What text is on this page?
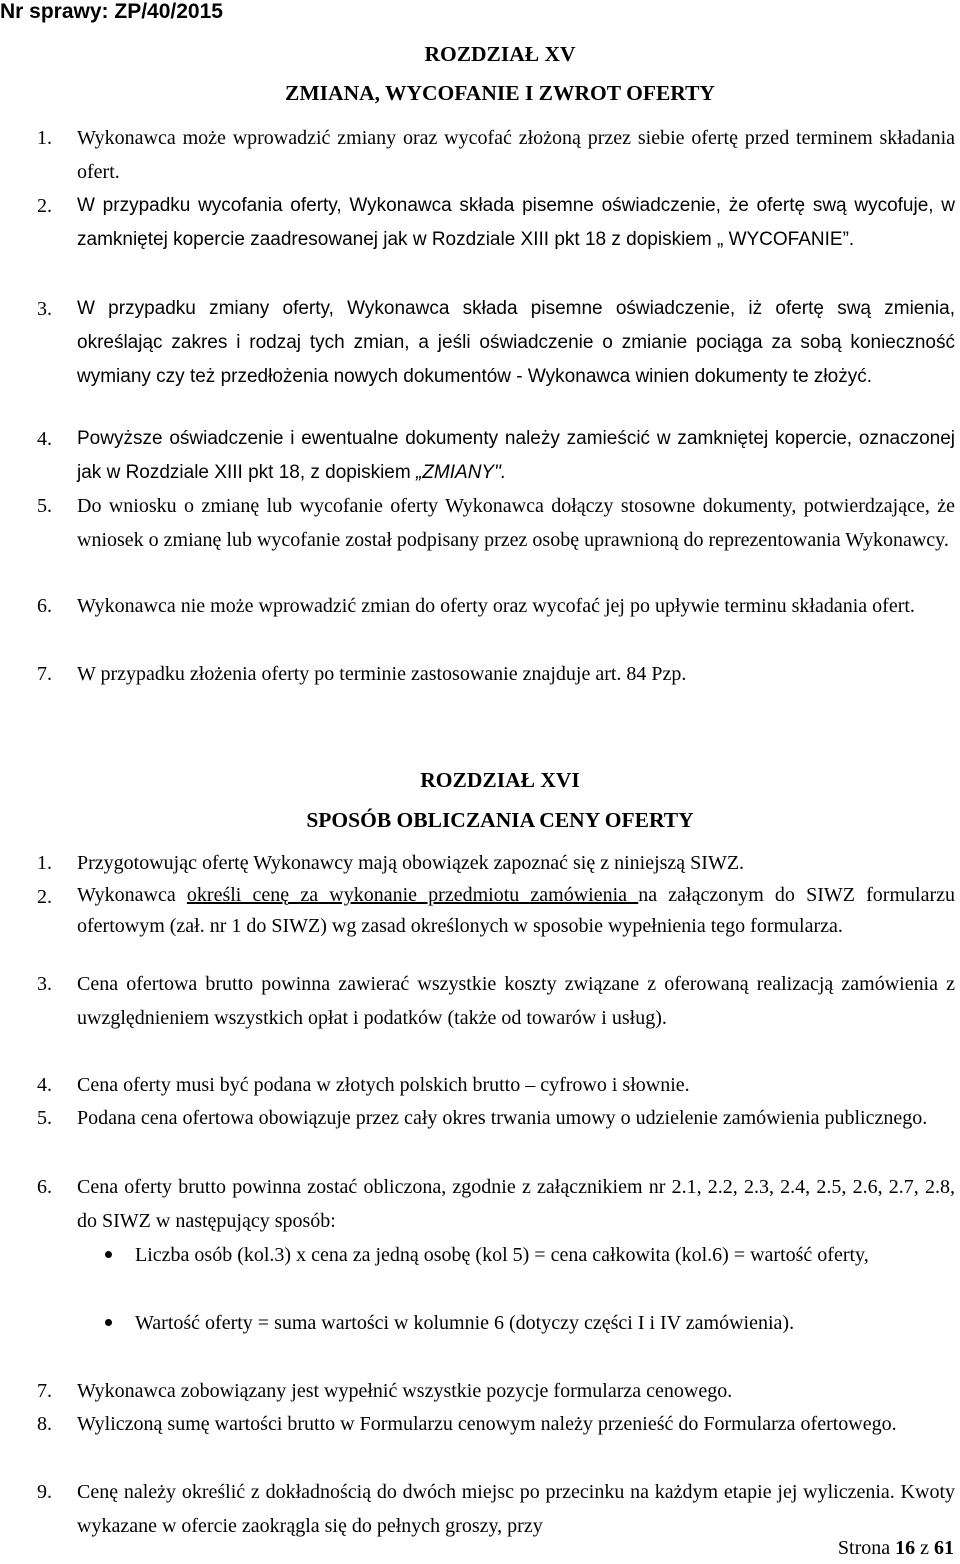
Nr sprawy: ZP/40/2015
ROZDZIAŁ XV
ZMIANA, WYCOFANIE I ZWROT OFERTY
1. Wykonawca może wprowadzić zmiany oraz wycofać złożoną przez siebie ofertę przed terminem składania ofert.
2. W przypadku wycofania oferty, Wykonawca składa pisemne oświadczenie, że ofertę swą wycofuje, w zamkniętej kopercie zaadresowanej jak w Rozdziale XIII pkt 18 z dopiskiem „ WYCOFANIE”.
3. W przypadku zmiany oferty, Wykonawca składa pisemne oświadczenie, iż ofertę swą zmienia, określając zakres i rodzaj tych zmian, a jeśli oświadczenie o zmianie pociąga za sobą konieczność wymiany czy też przedłożenia nowych dokumentów - Wykonawca winien dokumenty te złożyć.
4. Powyższe oświadczenie i ewentualne dokumenty należy zamieścić w zamkniętej kopercie, oznaczonej jak w Rozdziale XIII pkt 18, z dopiskiem „ZMIANY".
5. Do wniosku o zmianę lub wycofanie oferty Wykonawca dołączy stosowne dokumenty, potwierdzające, że wniosek o zmianę lub wycofanie został podpisany przez osobę uprawnioną do reprezentowania Wykonawcy.
6. Wykonawca nie może wprowadzić zmian do oferty oraz wycofać jej po upływie terminu składania ofert.
7. W przypadku złożenia oferty po terminie zastosowanie znajduje art. 84 Pzp.
ROZDZIAŁ XVI
SPOSÓB OBLICZANIA CENY OFERTY
1. Przygotowując ofertę Wykonawcy mają obowiązek zapoznać się z niniejszą SIWZ.
2. Wykonawca określi cenę za wykonanie przedmiotu zamówienia na załączonym do SIWZ formularzu ofertowym (zał. nr 1 do SIWZ) wg zasad określonych w sposobie wypełnienia tego formularza.
3. Cena ofertowa brutto powinna zawierać wszystkie koszty związane z oferowaną realizacją zamówienia z uwzględnieniem wszystkich opłat i podatków (także od towarów i usług).
4. Cena oferty musi być podana w złotych polskich brutto – cyfrowo i słownie.
5. Podana cena ofertowa obowiązuje przez cały okres trwania umowy o udzielenie zamówienia publicznego.
6. Cena oferty brutto powinna zostać obliczona, zgodnie z załącznikiem nr 2.1, 2.2, 2.3, 2.4, 2.5, 2.6, 2.7, 2.8, do SIWZ w następujący sposób:
Liczba osób (kol.3) x cena za jedną osobę (kol 5) = cena całkowita (kol.6) = wartość oferty,
Wartość oferty = suma wartości w kolumnie 6 (dotyczy części I i IV zamówienia).
7. Wykonawca zobowiązany jest wypełnić wszystkie pozycje formularza cenowego.
8. Wyliczoną sumę wartości brutto w Formularzu cenowym należy przenieść do Formularza ofertowego.
9. Cenę należy określić z dokładnością do dwóch miejsc po przecinku na każdym etapie jej wyliczenia. Kwoty wykazane w ofercie zaokrągla się do pełnych groszy, przy
Strona 16 z 61
